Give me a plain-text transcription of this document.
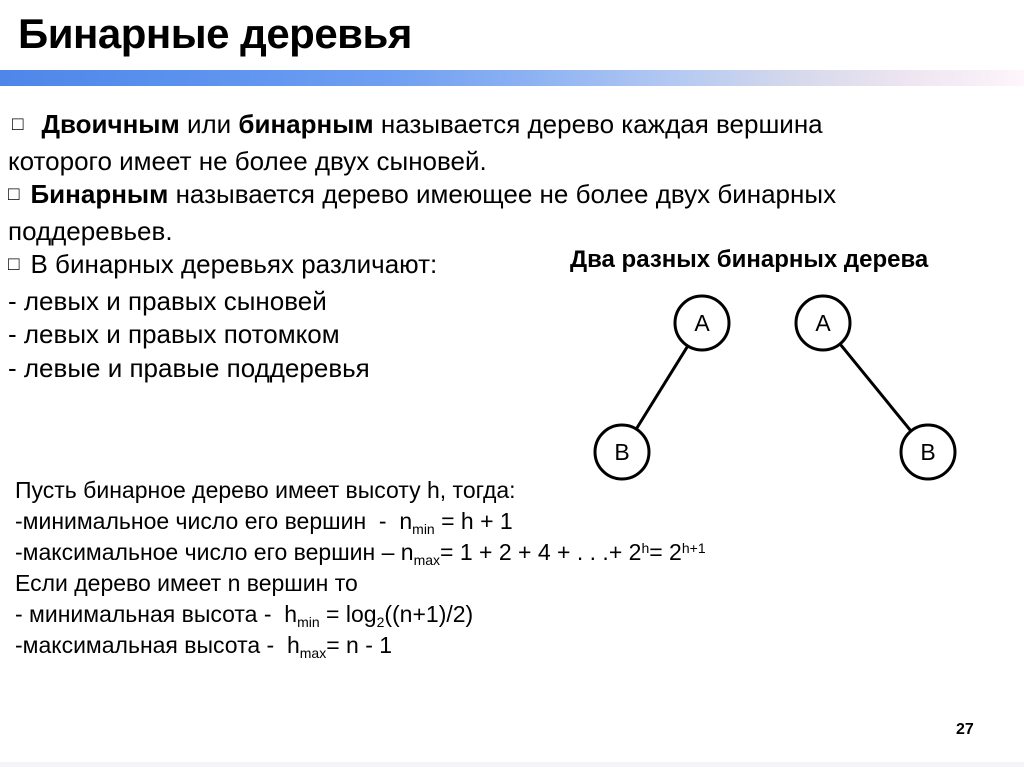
Бинарные деревья
□ Двоичным или бинарным называется дерево каждая вершина
которого имеет не более двух сыновей.
□ Бинарным называется дерево имеющее не более двух бинарных
поддеревьев.
□ В бинарных деревьях различают:
- левых и правых сыновей
- левых и правых потомком
- левые и правые поддеревья
Два разных бинарных дерева
A
B
A
B
Пусть бинарное дерево имеет высоту h, тогда:
-минимальное число его вершин  -  $n_{min} = h + 1$
-максимальное число его вершин – $n_{max}= 1 + 2 + 4$ + . . .+ $2^h= 2^{h+1}$
Если дерево имеет n вершин то
- минимальная высота -  $h_{min} = \log_2((n+1)/2)$
-максимальная высота -  $h_{max}= n - 1$
27
